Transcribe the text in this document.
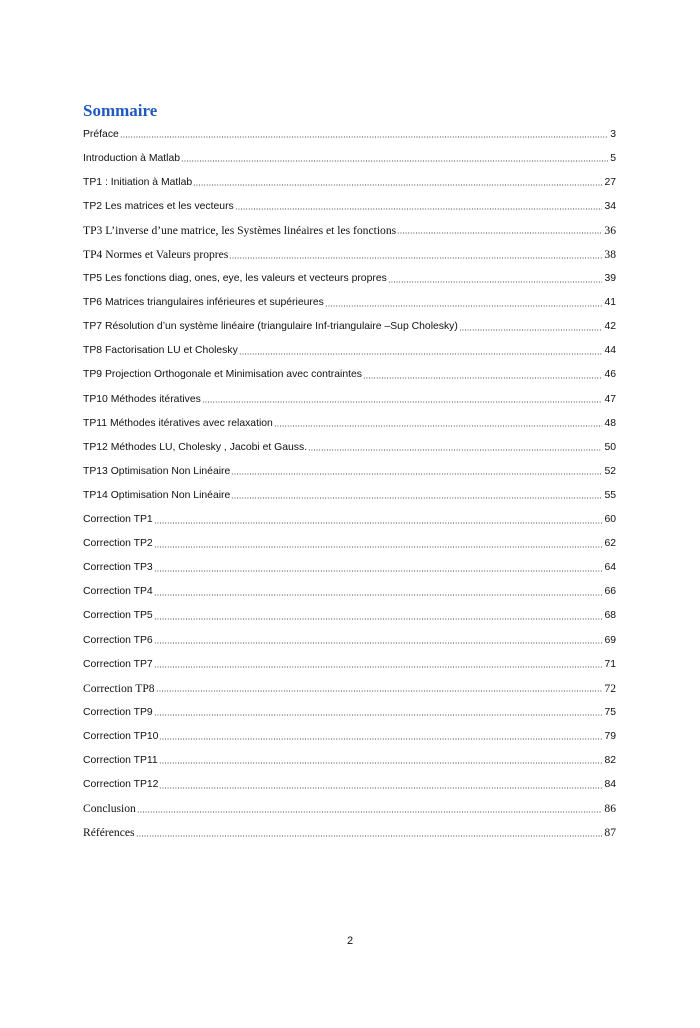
Sommaire
Préface	3
Introduction à Matlab	5
TP1 : Initiation à Matlab	27
TP2 Les matrices et les vecteurs	34
TP3 L’inverse d’une matrice, les Systèmes linéaires et les fonctions	36
TP4 Normes et Valeurs propres	38
TP5 Les fonctions diag, ones, eye, les valeurs et vecteurs propres	39
TP6 Matrices triangulaires inférieures et supérieures	41
TP7 Résolution d’un système linéaire (triangulaire Inf-triangulaire –Sup Cholesky)	42
TP8 Factorisation LU et Cholesky	44
TP9 Projection Orthogonale et Minimisation avec contraintes	46
TP10 Méthodes itératives	47
TP11 Méthodes itératives avec relaxation	48
TP12 Méthodes LU, Cholesky , Jacobi et Gauss.	50
TP13 Optimisation Non Linéaire	52
TP14 Optimisation Non Linéaire	55
Correction TP1	60
Correction TP2	62
Correction TP3	64
Correction TP4	66
Correction TP5	68
Correction TP6	69
Correction TP7	71
Correction TP8	72
Correction TP9	75
Correction TP10	79
Correction TP11	82
Correction TP12	84
Conclusion	86
Références	87
2
